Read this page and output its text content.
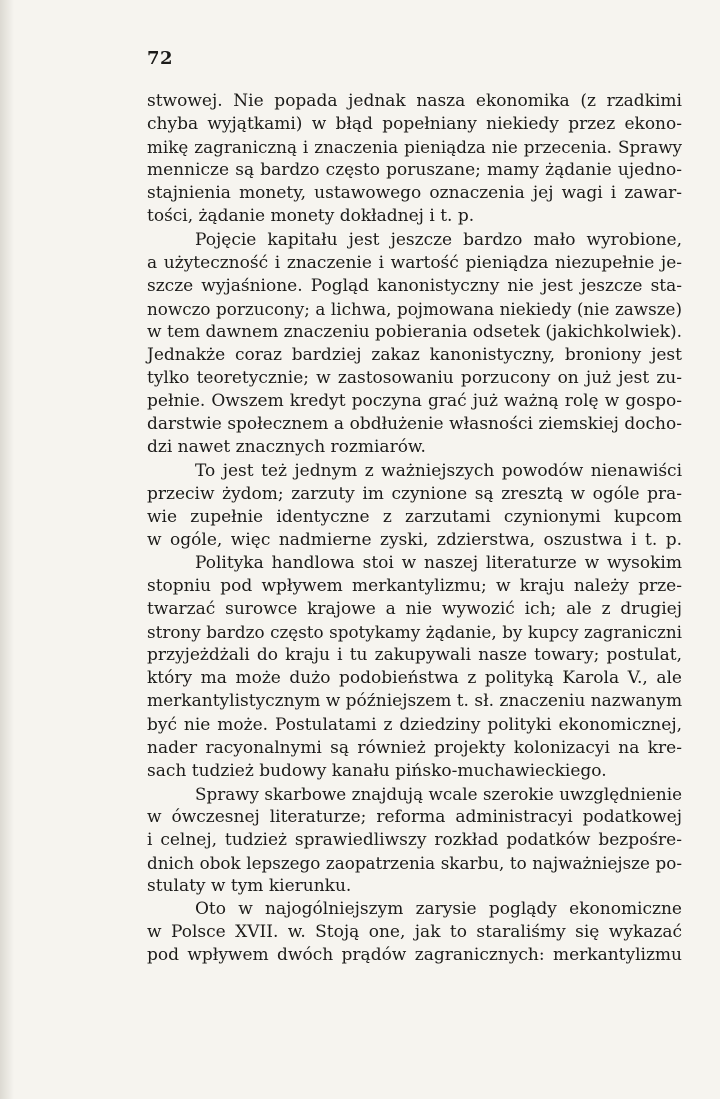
72
stwowej. Nie popada jednak nasza ekonomika (z rzadkimi
chyba wyjątkami) w błąd popełniany niekiedy przez ekono-
mikę zagraniczną i znaczenia pieniądza nie przecenia. Sprawy
mennicze są bardzo często poruszane; mamy żądanie ujedno-
stajnienia monety, ustawowego oznaczenia jej wagi i zawar-
tości, żądanie monety dokładnej i t. p.
Pojęcie kapitału jest jeszcze bardzo mało wyrobione,
a użyteczność i znaczenie i wartość pieniądza niezupełnie je-
szcze wyjaśnione. Pogląd kanonistyczny nie jest jeszcze sta-
nowczo porzucony; a lichwa, pojmowana niekiedy (nie zawsze)
w tem dawnem znaczeniu pobierania odsetek (jakichkolwiek).
Jednakże coraz bardziej zakaz kanonistyczny, broniony jest
tylko teoretycznie; w zastosowaniu porzucony on już jest zu-
pełnie. Owszem kredyt poczyna grać już ważną rolę w gospo-
darstwie społecznem a obdłużenie własności ziemskiej docho-
dzi nawet znacznych rozmiarów.
To jest też jednym z ważniejszych powodów nienawiści
przeciw żydom; zarzuty im czynione są zresztą w ogóle pra-
wie zupełnie identyczne z zarzutami czynionymi kupcom
w ogóle, więc nadmierne zyski, zdzierstwa, oszustwa i t. p.
Polityka handlowa stoi w naszej literaturze w wysokim
stopniu pod wpływem merkantylizmu; w kraju należy prze-
twarzać surowce krajowe a nie wywozić ich; ale z drugiej
strony bardzo często spotykamy żądanie, by kupcy zagraniczni
przyjeżdżali do kraju i tu zakupywali nasze towary; postulat,
który ma może dużo podobieństwa z polityką Karola V., ale
merkantylistycznym w późniejszem t. sł. znaczeniu nazwanym
być nie może. Postulatami z dziedziny polityki ekonomicznej,
nader racyonalnymi są również projekty kolonizacyi na kre-
sach tudzież budowy kanału pińsko-muchawieckiego.
Sprawy skarbowe znajdują wcale szerokie uwzględnienie
w ówczesnej literaturze; reforma administracyi podatkowej
i celnej, tudzież sprawiedliwszy rozkład podatków bezpośre-
dnich obok lepszego zaopatrzenia skarbu, to najważniejsze po-
stulaty w tym kierunku.
Oto w najogólniejszym zarysie poglądy ekonomiczne
w Polsce XVII. w. Stoją one, jak to staraliśmy się wykazać
pod wpływem dwóch prądów zagranicznych: merkantylizmu
